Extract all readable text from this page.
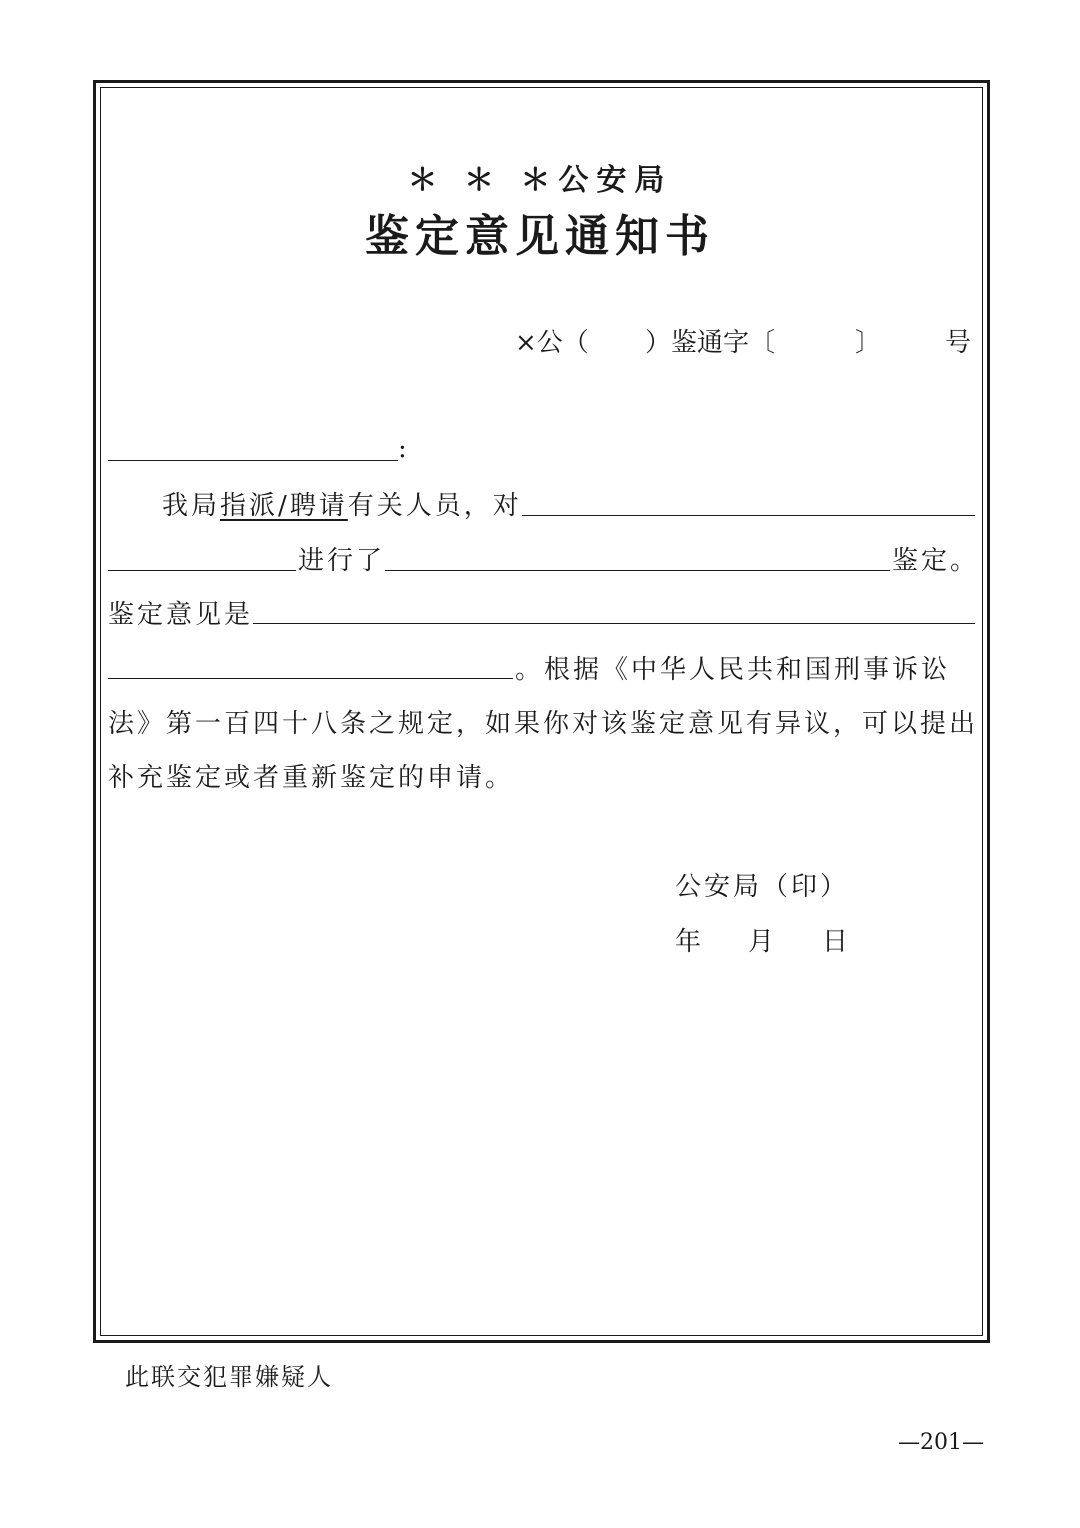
＊ ＊ ＊公安局
鉴定意见通知书
×公（ ）鉴通字〔	〕 号
:
我局指派/聘请有关人员，对
进行了	鉴定。
鉴定意见是
。根据《中华人民共和国刑事诉讼
法》第一百四十八条之规定，如果你对该鉴定意见有异议，可以提出
补充鉴定或者重新鉴定的申请。
公安局（印）
年 月 日
此联交犯罪嫌疑人
—201—
